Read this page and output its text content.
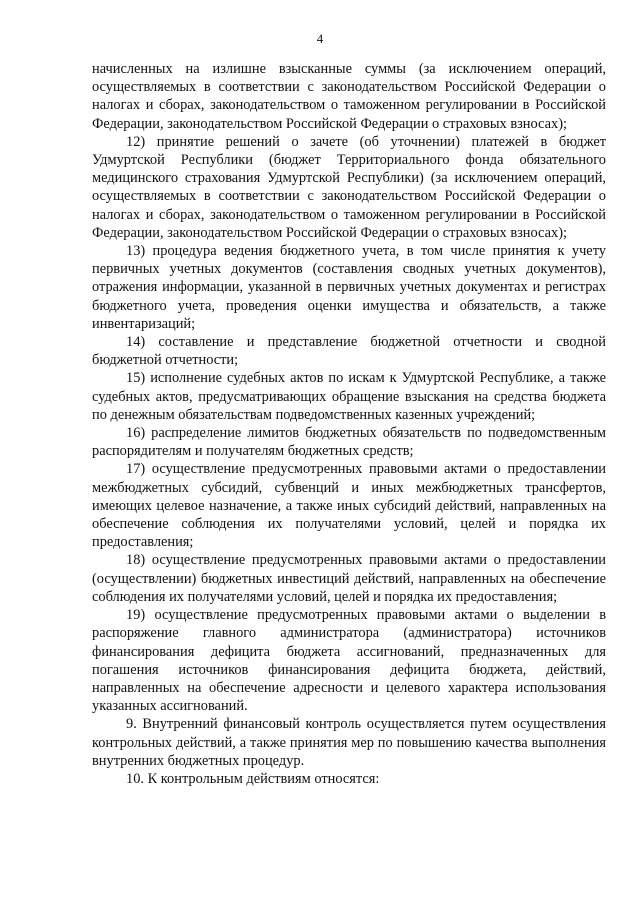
4

начисленных на излишне взысканные суммы (за исключением операций, осуществляемых в соответствии с законодательством Российской Федерации о налогах и сборах, законодательством о таможенном регулировании в Российской Федерации, законодательством Российской Федерации о страховых взносах);

12) принятие решений о зачете (об уточнении) платежей в бюджет Удмуртской Республики (бюджет Территориального фонда обязательного медицинского страхования Удмуртской Республики) (за исключением операций, осуществляемых в соответствии с законодательством Российской Федерации о налогах и сборах, законодательством о таможенном регулировании в Российской Федерации, законодательством Российской Федерации о страховых взносах);

13) процедура ведения бюджетного учета, в том числе принятия к учету первичных учетных документов (составления сводных учетных документов), отражения информации, указанной в первичных учетных документах и регистрах бюджетного учета, проведения оценки имущества и обязательств, а также инвентаризаций;

14) составление и представление бюджетной отчетности и сводной бюджетной отчетности;

15) исполнение судебных актов по искам к Удмуртской Республике, а также судебных актов, предусматривающих обращение взыскания на средства бюджета по денежным обязательствам подведомственных казенных учреждений;

16) распределение лимитов бюджетных обязательств по подведомственным распорядителям и получателям бюджетных средств;

17) осуществление предусмотренных правовыми актами о предоставлении межбюджетных субсидий, субвенций и иных межбюджетных трансфертов, имеющих целевое назначение, а также иных субсидий действий, направленных на обеспечение соблюдения их получателями условий, целей и порядка их предоставления;

18) осуществление предусмотренных правовыми актами о предоставлении (осуществлении) бюджетных инвестиций действий, направленных на обеспечение соблюдения их получателями условий, целей и порядка их предоставления;

19) осуществление предусмотренных правовыми актами о выделении в распоряжение главного администратора (администратора) источников финансирования дефицита бюджета ассигнований, предназначенных для погашения источников финансирования дефицита бюджета, действий, направленных на обеспечение адресности и целевого характера использования указанных ассигнований.

9. Внутренний финансовый контроль осуществляется путем осуществления контрольных действий, а также принятия мер по повышению качества выполнения внутренних бюджетных процедур.

10. К контрольным действиям относятся:
